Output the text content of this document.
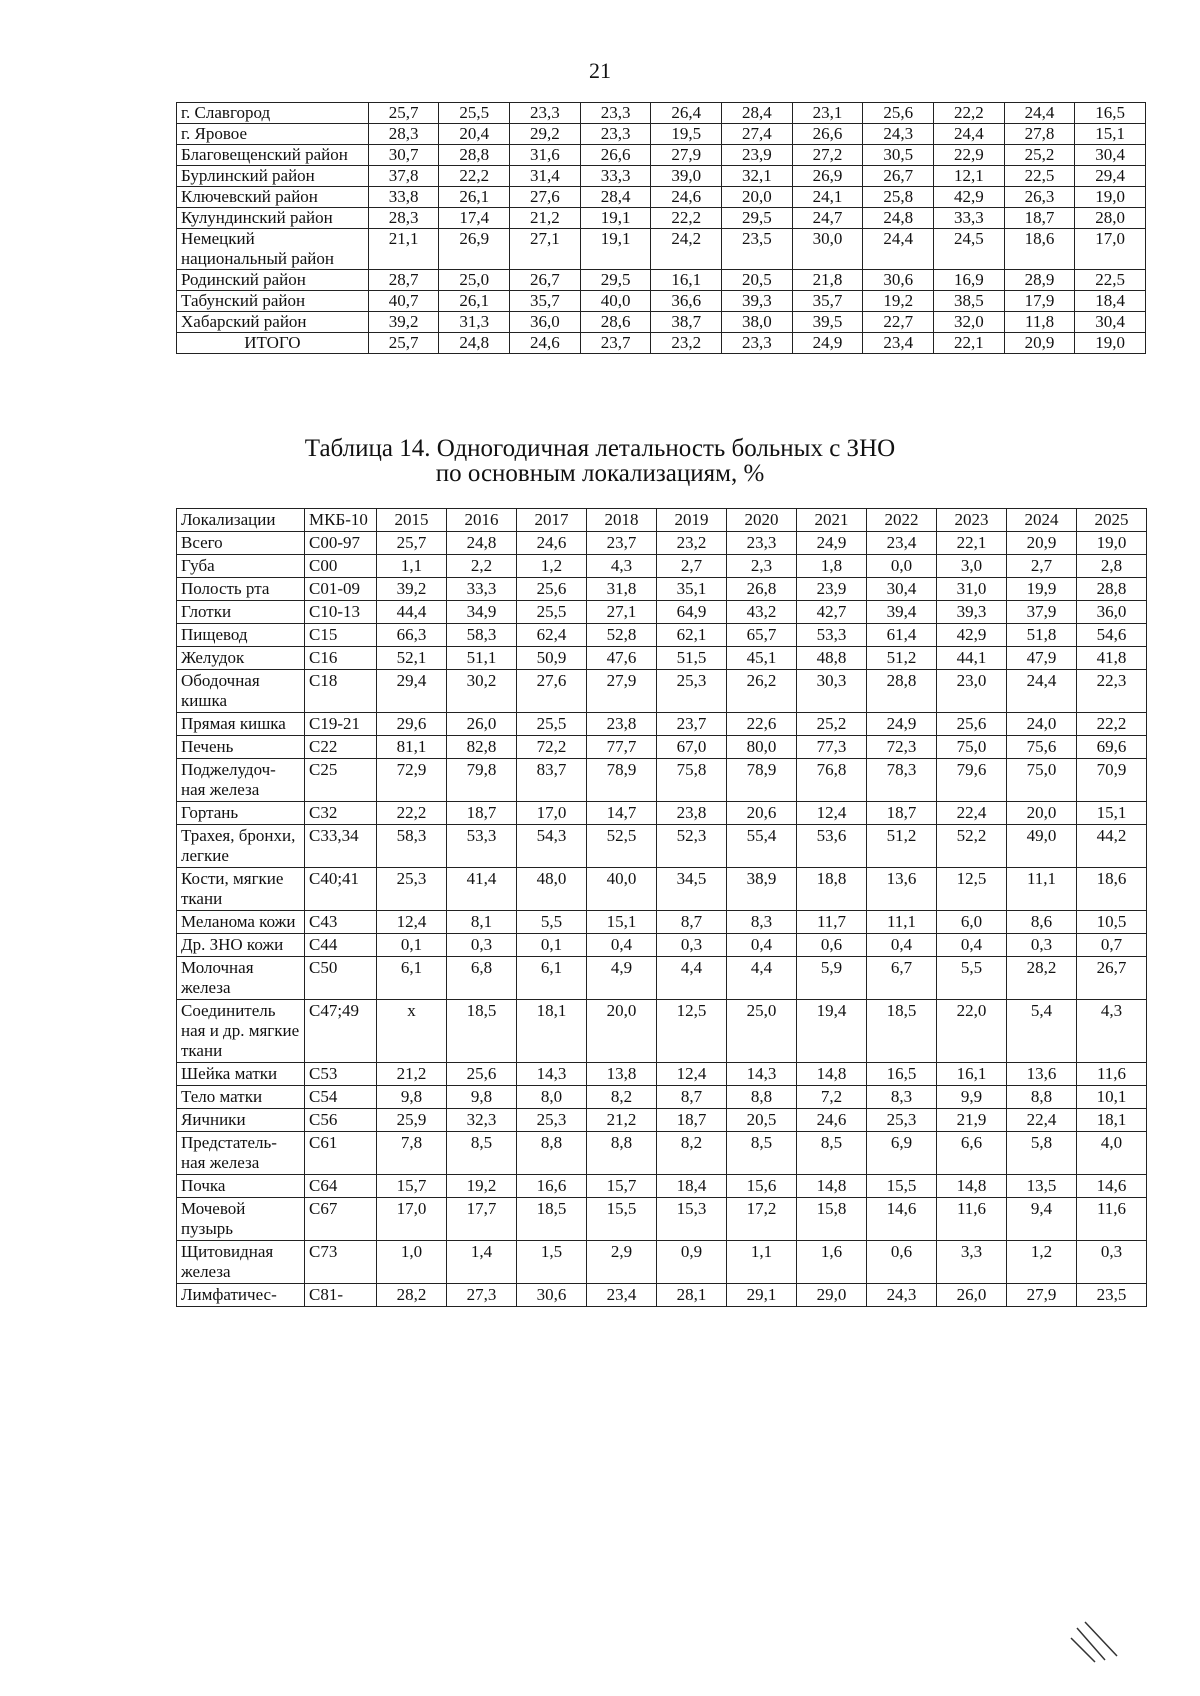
21
г. Славгород	25,7	25,5	23,3	23,3	26,4	28,4	23,1	25,6	22,2	24,4	16,5
г. Яровое	28,3	20,4	29,2	23,3	19,5	27,4	26,6	24,3	24,4	27,8	15,1
Благовещенский район	30,7	28,8	31,6	26,6	27,9	23,9	27,2	30,5	22,9	25,2	30,4
Бурлинский район	37,8	22,2	31,4	33,3	39,0	32,1	26,9	26,7	12,1	22,5	29,4
Ключевский район	33,8	26,1	27,6	28,4	24,6	20,0	24,1	25,8	42,9	26,3	19,0
Кулундинский район	28,3	17,4	21,2	19,1	22,2	29,5	24,7	24,8	33,3	18,7	28,0
Немецкий национальный район	21,1	26,9	27,1	19,1	24,2	23,5	30,0	24,4	24,5	18,6	17,0
Родинский район	28,7	25,0	26,7	29,5	16,1	20,5	21,8	30,6	16,9	28,9	22,5
Табунский район	40,7	26,1	35,7	40,0	36,6	39,3	35,7	19,2	38,5	17,9	18,4
Хабарский район	39,2	31,3	36,0	28,6	38,7	38,0	39,5	22,7	32,0	11,8	30,4
ИТОГО	25,7	24,8	24,6	23,7	23,2	23,3	24,9	23,4	22,1	20,9	19,0
Таблица 14. Одногодичная летальность больных с ЗНО
по основным локализациям, %
Локализации	МКБ-10	2015	2016	2017	2018	2019	2020	2021	2022	2023	2024	2025
Всего	С00-97	25,7	24,8	24,6	23,7	23,2	23,3	24,9	23,4	22,1	20,9	19,0
Губа	С00	1,1	2,2	1,2	4,3	2,7	2,3	1,8	0,0	3,0	2,7	2,8
Полость рта	С01-09	39,2	33,3	25,6	31,8	35,1	26,8	23,9	30,4	31,0	19,9	28,8
Глотки	С10-13	44,4	34,9	25,5	27,1	64,9	43,2	42,7	39,4	39,3	37,9	36,0
Пищевод	С15	66,3	58,3	62,4	52,8	62,1	65,7	53,3	61,4	42,9	51,8	54,6
Желудок	С16	52,1	51,1	50,9	47,6	51,5	45,1	48,8	51,2	44,1	47,9	41,8
Ободочная кишка	С18	29,4	30,2	27,6	27,9	25,3	26,2	30,3	28,8	23,0	24,4	22,3
Прямая кишка	С19-21	29,6	26,0	25,5	23,8	23,7	22,6	25,2	24,9	25,6	24,0	22,2
Печень	С22	81,1	82,8	72,2	77,7	67,0	80,0	77,3	72,3	75,0	75,6	69,6
Поджелудоч-ная железа	С25	72,9	79,8	83,7	78,9	75,8	78,9	76,8	78,3	79,6	75,0	70,9
Гортань	С32	22,2	18,7	17,0	14,7	23,8	20,6	12,4	18,7	22,4	20,0	15,1
Трахея, бронхи, легкие	С33,34	58,3	53,3	54,3	52,5	52,3	55,4	53,6	51,2	52,2	49,0	44,2
Кости, мягкие ткани	С40;41	25,3	41,4	48,0	40,0	34,5	38,9	18,8	13,6	12,5	11,1	18,6
Меланома кожи	С43	12,4	8,1	5,5	15,1	8,7	8,3	11,7	11,1	6,0	8,6	10,5
Др. ЗНО кожи	С44	0,1	0,3	0,1	0,4	0,3	0,4	0,6	0,4	0,4	0,3	0,7
Молочная железа	С50	6,1	6,8	6,1	4,9	4,4	4,4	5,9	6,7	5,5	28,2	26,7
Соединитель ная и др. мягкие ткани	С47;49	х	18,5	18,1	20,0	12,5	25,0	19,4	18,5	22,0	5,4	4,3
Шейка матки	С53	21,2	25,6	14,3	13,8	12,4	14,3	14,8	16,5	16,1	13,6	11,6
Тело матки	С54	9,8	9,8	8,0	8,2	8,7	8,8	7,2	8,3	9,9	8,8	10,1
Яичники	С56	25,9	32,3	25,3	21,2	18,7	20,5	24,6	25,3	21,9	22,4	18,1
Предстатель-ная железа	С61	7,8	8,5	8,8	8,8	8,2	8,5	8,5	6,9	6,6	5,8	4,0
Почка	С64	15,7	19,2	16,6	15,7	18,4	15,6	14,8	15,5	14,8	13,5	14,6
Мочевой пузырь	С67	17,0	17,7	18,5	15,5	15,3	17,2	15,8	14,6	11,6	9,4	11,6
Щитовидная железа	С73	1,0	1,4	1,5	2,9	0,9	1,1	1,6	0,6	3,3	1,2	0,3
Лимфатичес-	С81-	28,2	27,3	30,6	23,4	28,1	29,1	29,0	24,3	26,0	27,9	23,5
